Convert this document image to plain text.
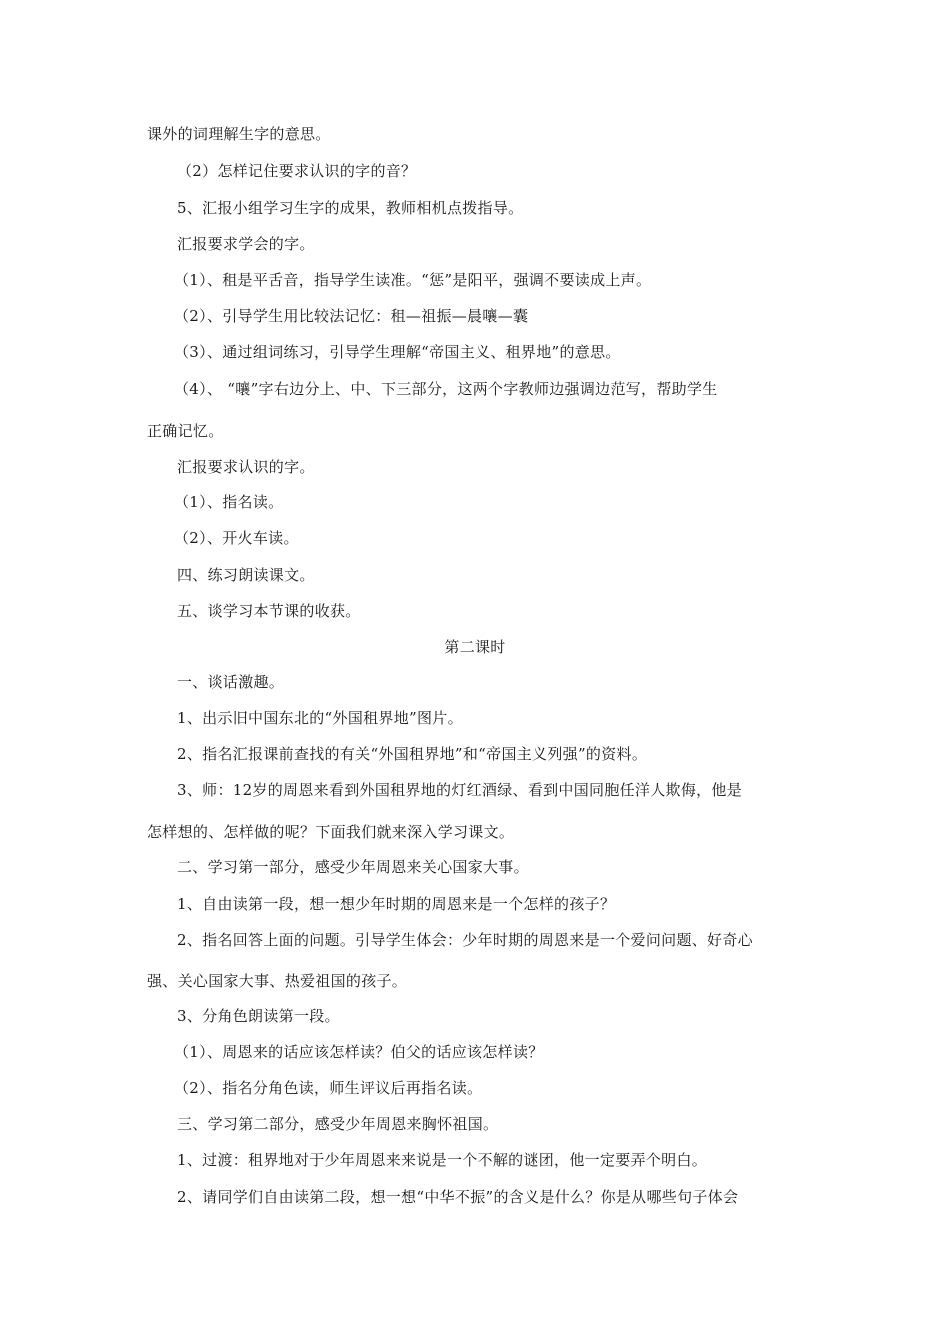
课外的词理解生字的意思。
（2）怎样记住要求认识的字的音？
5、汇报小组学习生字的成果，教师相机点拨指导。
汇报要求学会的字。
（1）、租是平舌音，指导学生读准。“惩”是阳平，强调不要读成上声。
（2）、引导学生用比较法记忆：租—祖振—晨嚷—囊
（3）、通过组词练习，引导学生理解“帝国主义、租界地”的意思。
（4）、 “嚷”字右边分上、中、下三部分，这两个字教师边强调边范写，帮助学生
正确记忆。
汇报要求认识的字。
（1）、指名读。
（2）、开火车读。
四、练习朗读课文。
五、谈学习本节课的收获。
第二课时
一、谈话激趣。
1、出示旧中国东北的“外国租界地”图片。
2、指名汇报课前查找的有关“外国租界地”和“帝国主义列强”的资料。
3、师：12岁的周恩来看到外国租界地的灯红酒绿、看到中国同胞任洋人欺侮，他是
怎样想的、怎样做的呢？下面我们就来深入学习课文。
二、学习第一部分，感受少年周恩来关心国家大事。
1、自由读第一段，想一想少年时期的周恩来是一个怎样的孩子？
2、指名回答上面的问题。引导学生体会：少年时期的周恩来是一个爱问问题、好奇心
强、关心国家大事、热爱祖国的孩子。
3、分角色朗读第一段。
（1）、周恩来的话应该怎样读？伯父的话应该怎样读？
（2）、指名分角色读，师生评议后再指名读。
三、学习第二部分，感受少年周恩来胸怀祖国。
1、过渡：租界地对于少年周恩来来说是一个不解的谜团，他一定要弄个明白。
2、请同学们自由读第二段，想一想“中华不振”的含义是什么？你是从哪些句子体会
